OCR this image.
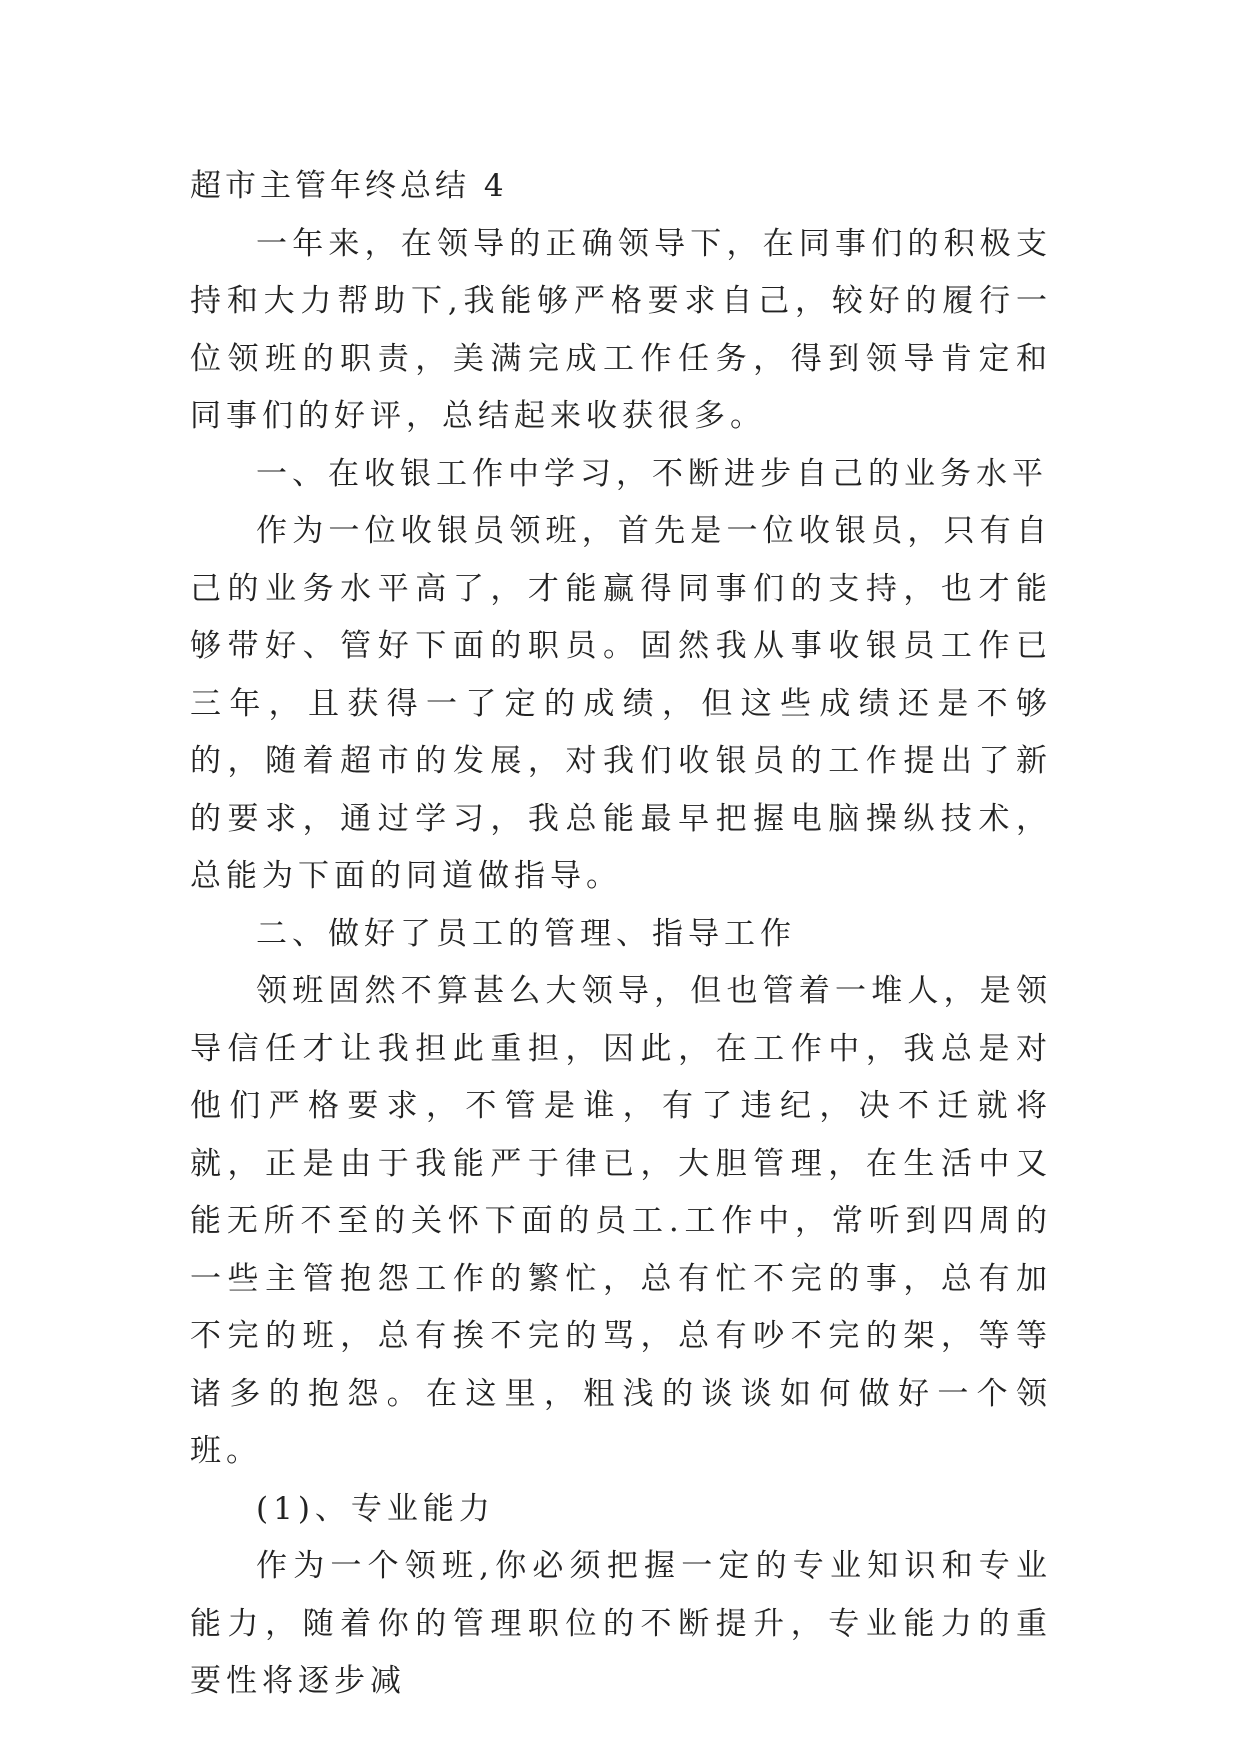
超市主管年终总结 4

一年来，在领导的正确领导下，在同事们的积极支持和大力帮助下,我能够严格要求自己，较好的履行一位领班的职责，美满完成工作任务，得到领导肯定和同事们的好评，总结起来收获很多。

一、在收银工作中学习，不断进步自己的业务水平

作为一位收银员领班，首先是一位收银员，只有自己的业务水平高了，才能赢得同事们的支持，也才能够带好、管好下面的职员。固然我从事收银员工作已三年，且获得一了定的成绩，但这些成绩还是不够的，随着超市的发展，对我们收银员的工作提出了新的要求，通过学习，我总能最早把握电脑操纵技术，总能为下面的同道做指导。

二、做好了员工的管理、指导工作

领班固然不算甚么大领导，但也管着一堆人，是领导信任才让我担此重担，因此，在工作中，我总是对他们严格要求，不管是谁，有了违纪，决不迁就将就，正是由于我能严于律已，大胆管理，在生活中又能无所不至的关怀下面的员工.工作中，常听到四周的一些主管抱怨工作的繁忙，总有忙不完的事，总有加不完的班，总有挨不完的骂，总有吵不完的架，等等诸多的抱怨。在这里，粗浅的谈谈如何做好一个领班。

(1)、专业能力

作为一个领班,你必须把握一定的专业知识和专业能力，随着你的管理职位的不断提升，专业能力的重要性将逐步减
